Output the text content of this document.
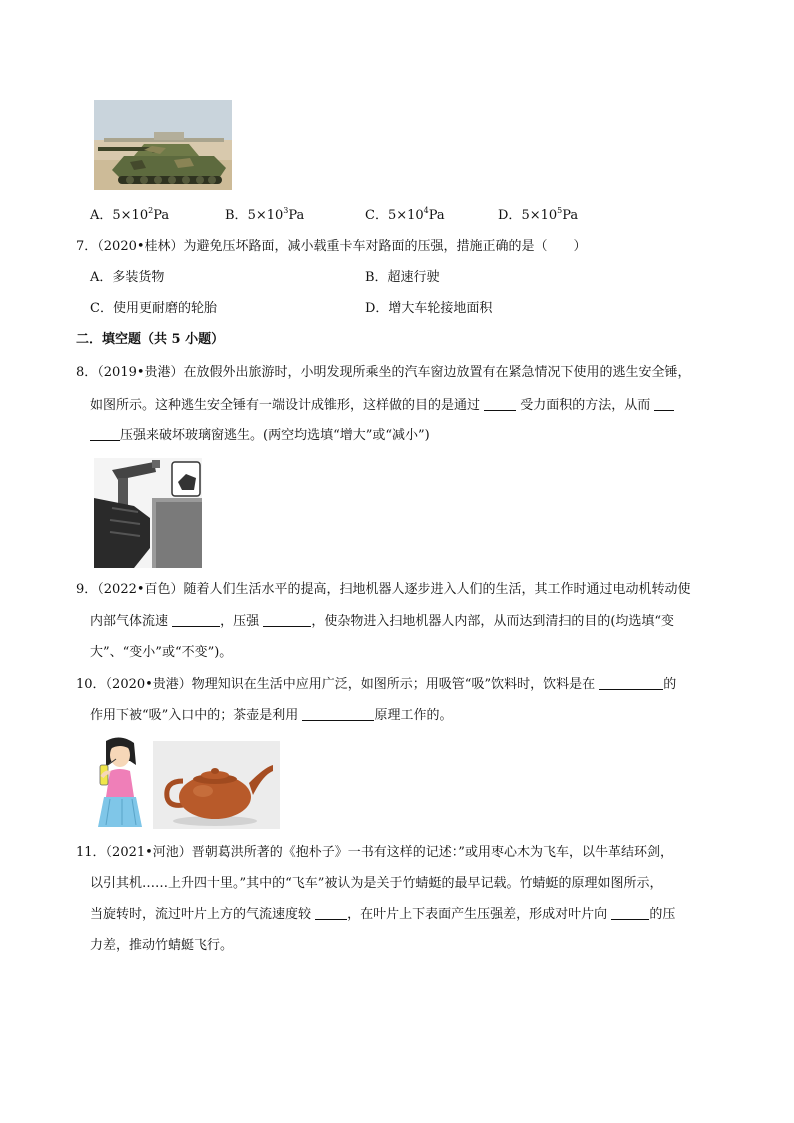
A．$5\times 10^2Pa$	B．$5\times 10^3Pa$	C．$5\times 10^4Pa$	D．$5\times 10^5Pa$
7．（2020•桂林）为避免压坏路面，减小载重卡车对路面的压强，措施正确的是（　　）
A．多装货物	B．超速行驶
C．使用更耐磨的轮胎	D．增大车轮接地面积
二．填空题（共 5 小题）
8．（2019•贵港）在放假外出旅游时，小明发现所乘坐的汽车窗边放置有在紧急情况下使用的逃生安全锤，
如图所示。这种逃生安全锤有一端设计成锥形，这样做的目的是通过	受力面积的方法，从而
压强来破坏玻璃窗逃生。(两空均选填“增大”或“减小”)
9．（2022•百色）随着人们生活水平的提高，扫地机器人逐步进入人们的生活，其工作时通过电动机转动使
内部气体流速	，压强	，使杂物进入扫地机器人内部，从而达到清扫的目的(均选填“变
大”、“变小”或“不变”)。
10．（2020•贵港）物理知识在生活中应用广泛，如图所示；用吸管“吸”饮料时，饮料是在	的
作用下被“吸”入口中的；茶壶是利用	原理工作的。
11．（2021•河池）晋朝葛洪所著的《抱朴子》一书有这样的记述：”或用枣心木为飞车，以牛革结环剑，
以引其机……上升四十里。”其中的“飞车”被认为是关于竹蜻蜓的最早记载。竹蜻蜓的原理如图所示，
当旋转时，流过叶片上方的气流速度较	，在叶片上下表面产生压强差，形成对叶片向	的压
力差，推动竹蜻蜓飞行。
